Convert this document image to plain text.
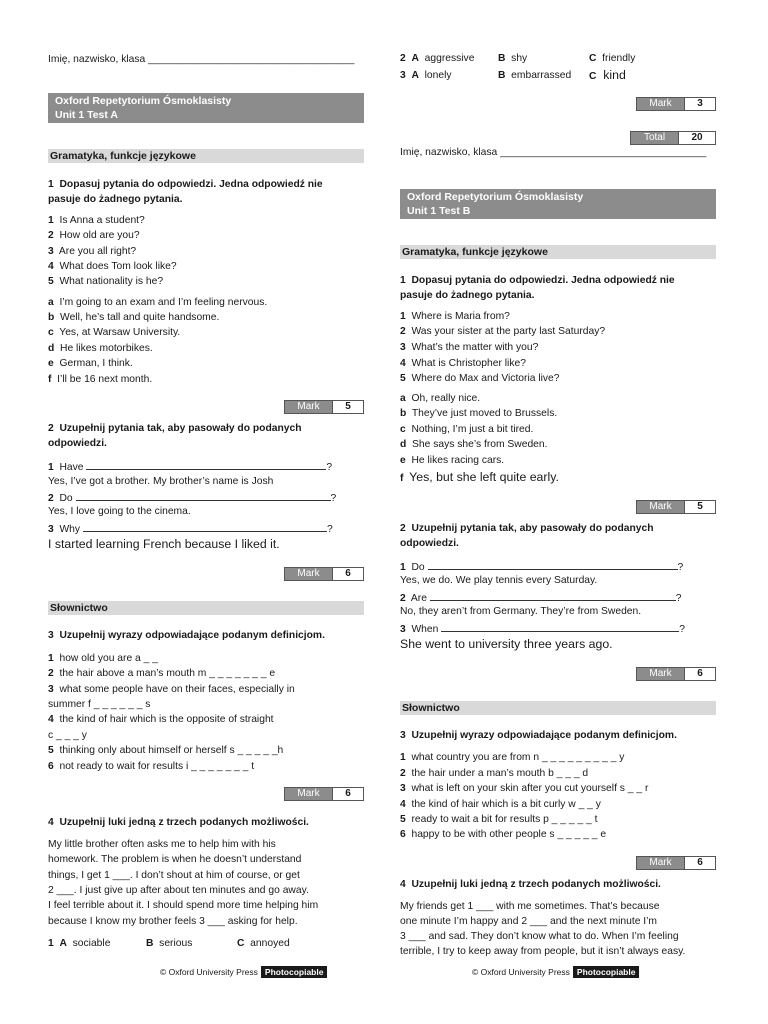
Imię, nazwisko, klasa ____________________________________
Oxford Repetytorium Ósmoklasisty
Unit 1 Test A
Gramatyka, funkcje językowe
1 Dopasuj pytania do odpowiedzi. Jedna odpowiedź nie pasuje do żadnego pytania.
1 Is Anna a student?
2 How old are you?
3 Are you all right?
4 What does Tom look like?
5 What nationality is he?
a I’m going to an exam and I’m feeling nervous.
b Well, he’s tall and quite handsome.
c Yes, at Warsaw University.
d He likes motorbikes.
e German, I think.
f I’ll be 16 next month.
Mark	5
2 Uzupełnij pytania tak, aby pasowały do podanych odpowiedzi.
1 Have	?
Yes, I’ve got a brother. My brother’s name is Josh
2 Do	?
Yes, I love going to the cinema.
3 Why	?
I started learning French because I liked it.
Mark	6
Słownictwo
3 Uzupełnij wyrazy odpowiadające podanym definicjom.
1 how old you are a _ _
2 the hair above a man’s mouth m _ _ _ _ _ _ _ e
3 what some people have on their faces, especially in
summer f _ _ _ _ _ _ s
4 the kind of hair which is the opposite of straight
c _ _ _ y
5 thinking only about himself or herself s _ _ _ _ _h
6 not ready to wait for results i _ _ _ _ _ _ _ t
Mark	6
4 Uzupełnij luki jedną z trzech podanych możliwości.
My little brother often asks me to help him with his
homework. The problem is when he doesn’t understand
things, I get 1 ___. I don’t shout at him of course, or get
2 ___. I just give up after about ten minutes and go away.
I feel terrible about it. I should spend more time helping him
because I know my brother feels 3 ___ asking for help.
1 A sociable	B serious	C annoyed
© Oxford University Press Photocopiable
2 A aggressive B shy	C friendly
3 A lonely	B embarrassed C kind
Mark	3
Total	20
Imię, nazwisko, klasa ____________________________________
Oxford Repetytorium Ósmoklasisty
Unit 1 Test B
Gramatyka, funkcje językowe
1 Dopasuj pytania do odpowiedzi. Jedna odpowiedź nie pasuje do żadnego pytania.
1 Where is Maria from?
2 Was your sister at the party last Saturday?
3 What’s the matter with you?
4 What is Christopher like?
5 Where do Max and Victoria live?
a Oh, really nice.
b They’ve just moved to Brussels.
c Nothing, I’m just a bit tired.
d She says she’s from Sweden.
e He likes racing cars.
f Yes, but she left quite early.
Mark	5
2 Uzupełnij pytania tak, aby pasowały do podanych odpowiedzi.
1 Do	?
Yes, we do. We play tennis every Saturday.
2 Are	?
No, they aren’t from Germany. They’re from Sweden.
3 When	?
She went to university three years ago.
Mark	6
Słownictwo
3 Uzupełnij wyrazy odpowiadające podanym definicjom.
1 what country you are from n _ _ _ _ _ _ _ _ _ y
2 the hair under a man’s mouth b _ _ _ d
3 what is left on your skin after you cut yourself s _ _ r
4 the kind of hair which is a bit curly w _ _ y
5 ready to wait a bit for results p _ _ _ _ _ t
6 happy to be with other people s _ _ _ _ _ e
Mark	6
4 Uzupełnij luki jedną z trzech podanych możliwości.
My friends get 1 ___ with me sometimes. That’s because
one minute I’m happy and 2 ___ and the next minute I’m
3 ___ and sad. They don’t know what to do. When I’m feeling
terrible, I try to keep away from people, but it isn’t always easy.
© Oxford University Press Photocopiable
